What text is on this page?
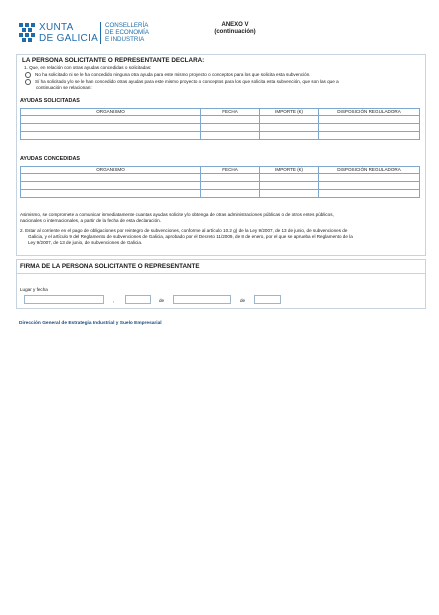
XUNTA
DE GALICIA
CONSELLERÍA
DE ECONOMÍA
E INDUSTRIA
ANEXO V
(continuación)
LA PERSONA SOLICITANTE O REPRESENTANTE DECLARA:
1. Que, en relación con otras ayudas concedidas o solicitadas:
No ha solicitado ni se le ha concedido ninguna otra ayuda para este mismo proyecto o conceptos para los que solicita esta subvención.
Sí ha solicitado y/o se le han concedido otras ayudas para este mismo proyecto o conceptos para los que solicita esta subvención, que son las que a
continuación se relacionan:
AYUDAS SOLICITADAS
ORGANISMO	FECHA	IMPORTE (€)	DISPOSICIÓN REGULADORA

AYUDAS CONCEDIDAS
ORGANISMO	FECHA	IMPORTE (€)	DISPOSICIÓN REGULADORA

Asimismo, se compromete a comunicar inmediatamente cuantas ayudas solicite y/o obtenga de otras administraciones públicas o de otros entes públicos,
nacionales o internacionales, a partir de la fecha de esta declaración.
2. Estar al corriente en el pago de obligaciones por reintegro de subvenciones, conforme al artículo 10.2 g) de la Ley 9/2007, de 13 de junio, de subvenciones de
Galicia, y el artículo 9 del Reglamento de subvenciones de Galicia, aprobado por el Decreto 11/2009, de 8 de enero, por el que se aprueba el Reglamento de la
Ley 9/2007, de 13 de junio, de subvenciones de Galicia.
FIRMA DE LA PERSONA SOLICITANTE O REPRESENTANTE
Lugar y fecha
,	de	de
Dirección General de Estrategia Industrial y Suelo Empresarial
